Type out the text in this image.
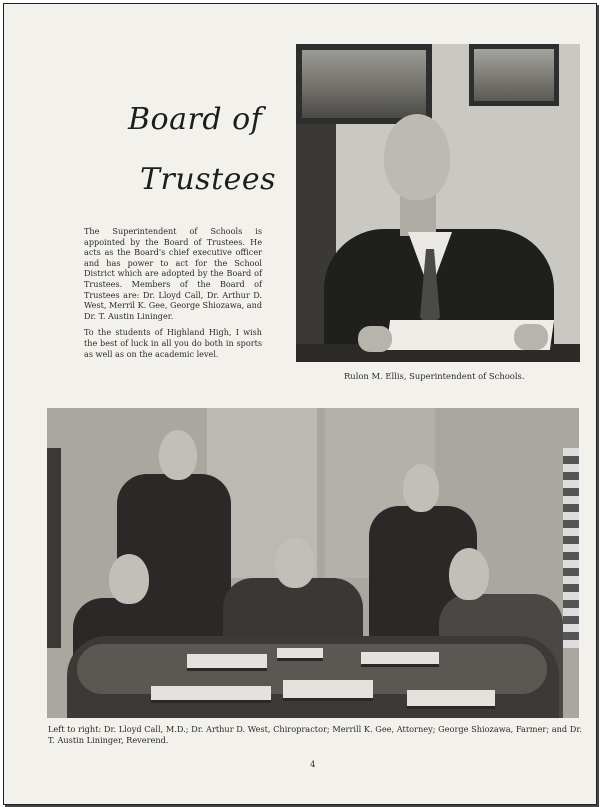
Board of
Trustees

The Superintendent of Schools is appointed by the Board of Trustees. He acts as the Board's chief executive officer and has power to act for the School District which are adopted by the Board of Trustees. Members of the Board of Trustees are: Dr. Lloyd Call, Dr. Arthur D. West, Merril K. Gee, George Shiozawa, and Dr. T. Austin Lininger.

To the students of Highland High, I wish the best of luck in all you do both in sports as well as on the academic level.

Rulon M. Ellis, Superintendent of Schools.
Left to right: Dr. Lloyd Call, M.D.; Dr. Arthur D. West, Chiropractor; Merrill K. Gee, Attorney; George Shiozawa, Farmer; and Dr. T. Austin Lininger, Reverend.
4
